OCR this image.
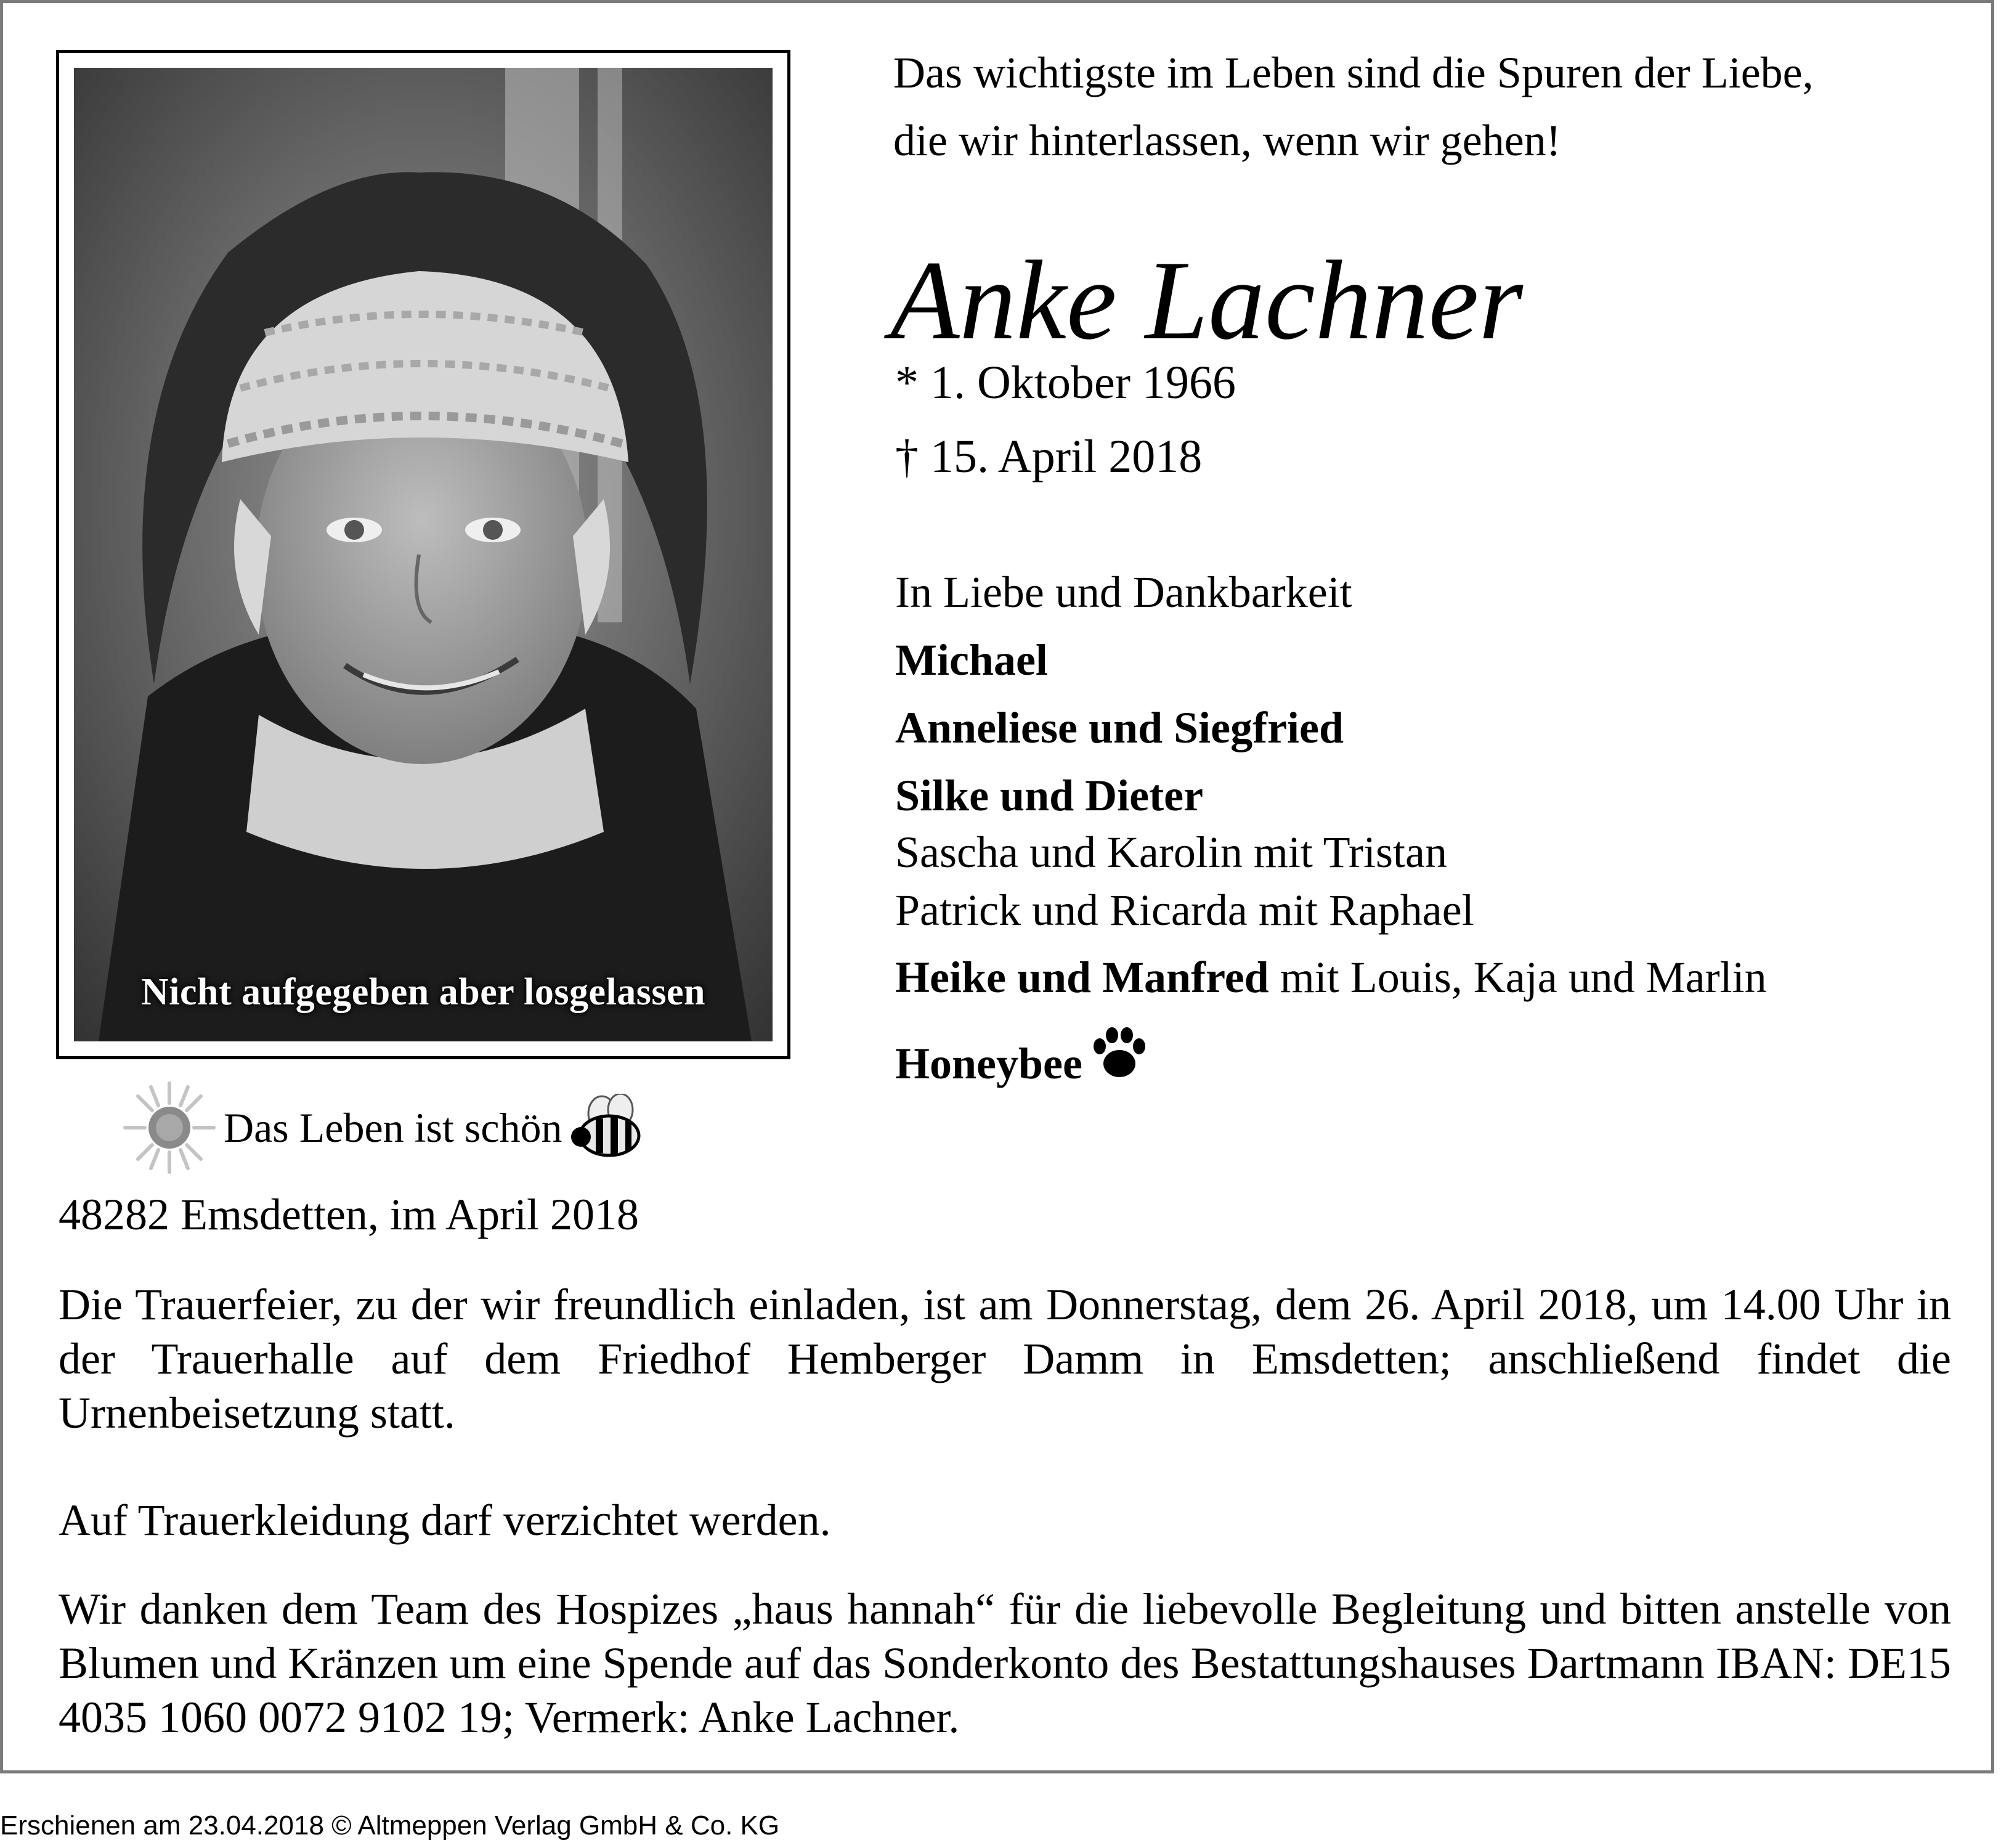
Nicht aufgegeben aber losgelassen
Das wichtigste im Leben sind die Spuren der Liebe,
die wir hinterlassen, wenn wir gehen!
Anke Lachner
* 1. Oktober 1966
† 15. April 2018
In Liebe und Dankbarkeit
Michael
Anneliese und Siegfried
Silke und Dieter
Sascha und Karolin mit Tristan
Patrick und Ricarda mit Raphael
Heike und Manfred mit Louis, Kaja und Marlin
Honeybee
Das Leben ist schön
48282 Emsdetten, im April 2018
Die Trauerfeier, zu der wir freundlich einladen, ist am Donnerstag, dem 26. April 2018, um 14.00 Uhr in der Trauerhalle auf dem Friedhof Hemberger Damm in Emsdetten; anschließend findet die Urnenbeisetzung statt.
Auf Trauerkleidung darf verzichtet werden.
Wir danken dem Team des Hospizes „haus hannah“ für die liebevolle Begleitung und bitten anstelle von Blumen und Kränzen um eine Spende auf das Sonderkonto des Bestattungshauses Dartmann IBAN: DE15 4035 1060 0072 9102 19; Vermerk: Anke Lachner.
Erschienen am 23.04.2018 © Altmeppen Verlag GmbH & Co. KG
